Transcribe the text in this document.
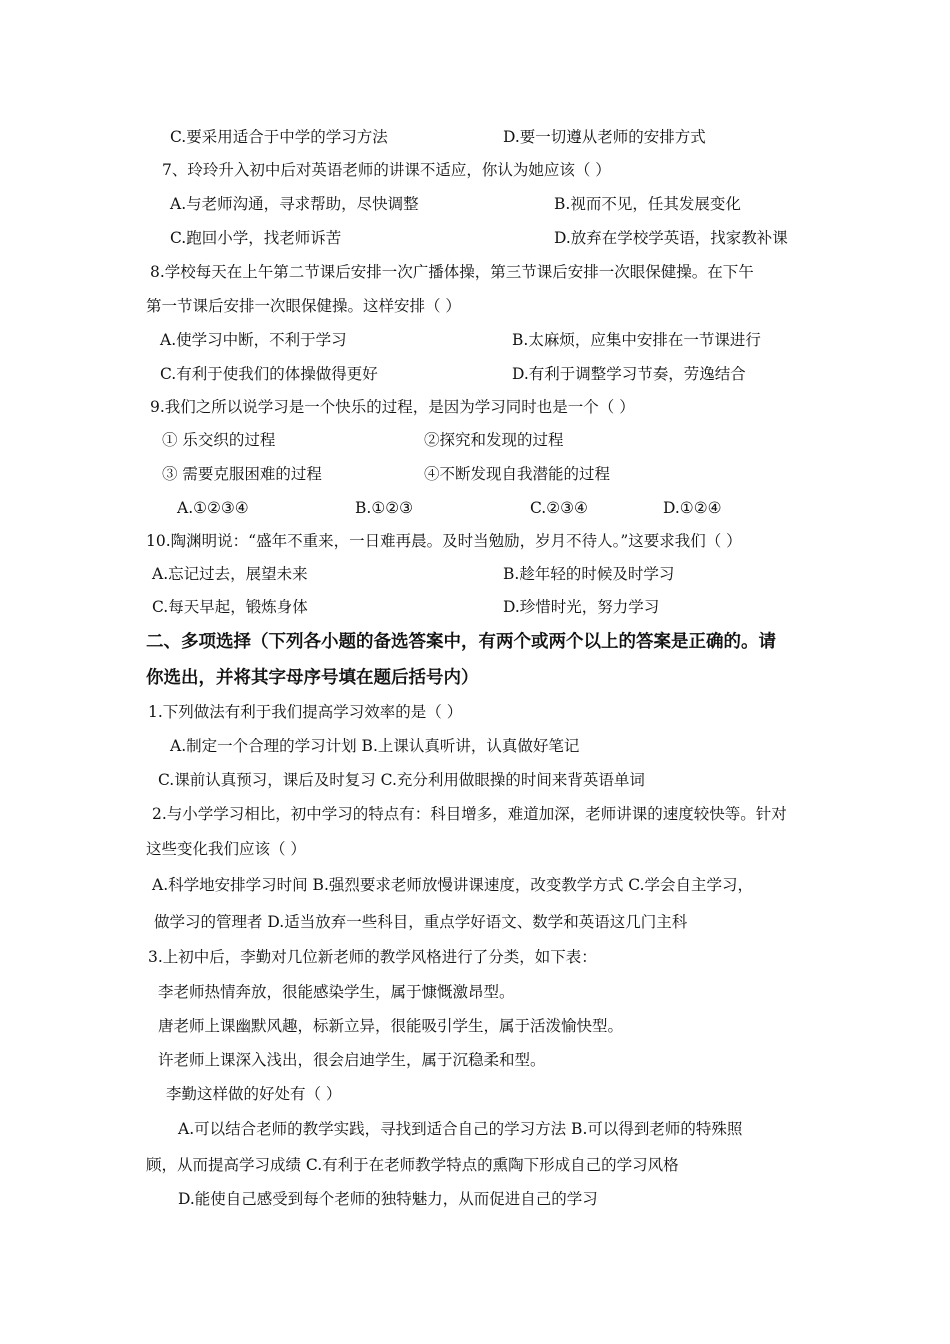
C.要采用适合于中学的学习方法	D.要一切遵从老师的安排方式
7、玲玲升入初中后对英语老师的讲课不适应，你认为她应该（ ）
A.与老师沟通，寻求帮助，尽快调整	B.视而不见，任其发展变化
C.跑回小学，找老师诉苦	D.放弃在学校学英语，找家教补课
8.学校每天在上午第二节课后安排一次广播体操，第三节课后安排一次眼保健操。在下午
第一节课后安排一次眼保健操。这样安排（ ）
A.使学习中断，不利于学习	B.太麻烦，应集中安排在一节课进行
C.有利于使我们的体操做得更好	D.有利于调整学习节奏，劳逸结合
9.我们之所以说学习是一个快乐的过程，是因为学习同时也是一个（ ）
① 乐交织的过程	②探究和发现的过程
③ 需要克服困难的过程	④不断发现自我潜能的过程
A.①②③④	B.①②③	C.②③④	D.①②④
10.陶渊明说：“盛年不重来，一日难再晨。及时当勉励，岁月不待人。”这要求我们（ ）
A.忘记过去，展望未来	B.趁年轻的时候及时学习
C.每天早起，锻炼身体	D.珍惜时光，努力学习
二、多项选择（下列各小题的备选答案中，有两个或两个以上的答案是正确的。请
你选出，并将其字母序号填在题后括号内）
1.下列做法有利于我们提高学习效率的是（ ）
A.制定一个合理的学习计划 B.上课认真听讲，认真做好笔记
C.课前认真预习，课后及时复习 C.充分利用做眼操的时间来背英语单词
2.与小学学习相比，初中学习的特点有：科目增多，难道加深，老师讲课的速度较快等。针对
这些变化我们应该（ ）
A.科学地安排学习时间 B.强烈要求老师放慢讲课速度，改变教学方式 C.学会自主学习，
做学习的管理者 D.适当放弃一些科目，重点学好语文、数学和英语这几门主科
3.上初中后，李勤对几位新老师的教学风格进行了分类，如下表：
李老师热情奔放，很能感染学生，属于慷慨激昂型。
唐老师上课幽默风趣，标新立异，很能吸引学生，属于活泼愉快型。
许老师上课深入浅出，很会启迪学生，属于沉稳柔和型。
李勤这样做的好处有（ ）
A.可以结合老师的教学实践，寻找到适合自己的学习方法 B.可以得到老师的特殊照
顾，从而提高学习成绩 C.有利于在老师教学特点的熏陶下形成自己的学习风格
D.能使自己感受到每个老师的独特魅力，从而促进自己的学习
